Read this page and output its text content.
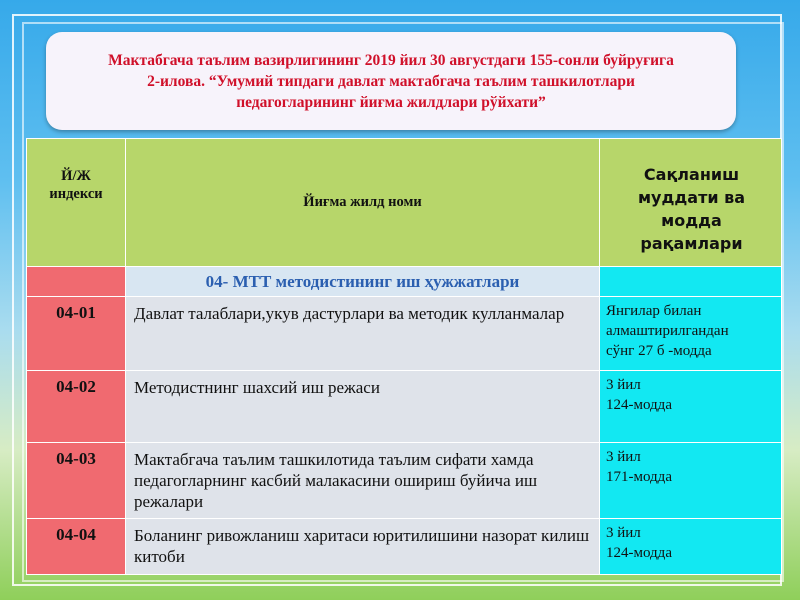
Мактабгача таълим вазирлигининг 2019 йил 30 августдаги 155-сонли буйруғига
2-илова. “Умумий типдаги давлат мактабгача таълим ташкилотлари
педагогларининг йиғма жилдлари рўйхати”
Й/Ж
индекси	Йиғма жилд номи	Сақланиш
муддати ва
модда
рақамлари

	04- МТТ методистининг иш ҳужжатлари	
04-01	Давлат талаблари,укув дастурлари ва методик кулланмалар	Янгилар билан
алмаштирилгандан
сўнг 27 б -модда

04-02	Методистнинг шахсий иш режаси	3 йил
124-модда

04-03	Мактабгача таълим ташкилотида таълим сифати хамда педагогларнинг касбий малакасини ошириш буйича иш режалари	3 йил
171-модда

04-04	Боланинг ривожланиш харитаси юритилишини назорат килиш китоби	3 йил
124-модда
